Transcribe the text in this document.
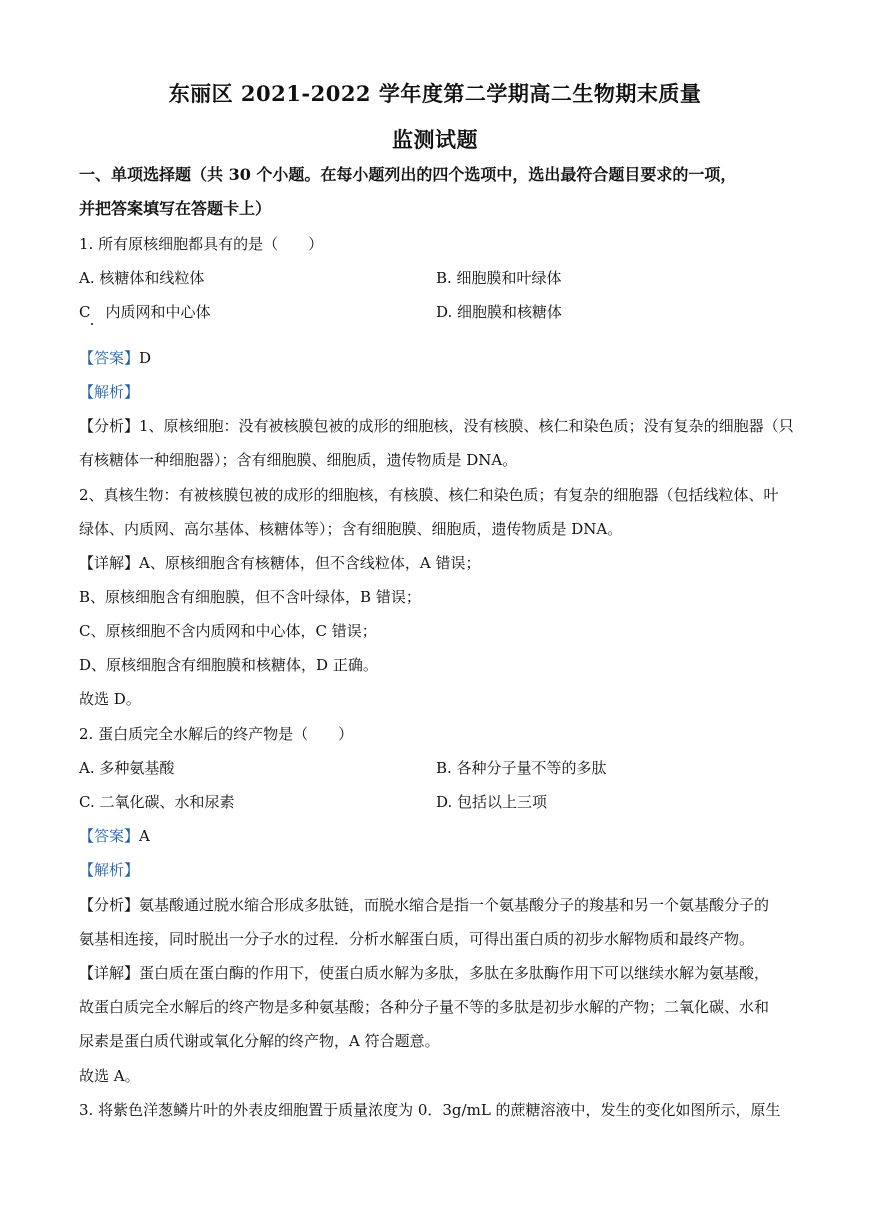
东丽区 2021-2022 学年度第二学期高二生物期末质量
监测试题
一、单项选择题（共 30 个小题。在每小题列出的四个选项中，选出最符合题目要求的一项，
并把答案填写在答题卡上）
1. 所有原核细胞都具有的是（　　）
A. 核糖体和线粒体	B. 细胞膜和叶绿体
C　内质网和中心体	D. 细胞膜和核糖体
【答案】D
【解析】
【分析】1、原核细胞：没有被核膜包被的成形的细胞核，没有核膜、核仁和染色质；没有复杂的细胞器（只
有核糖体一种细胞器）；含有细胞膜、细胞质，遗传物质是 DNA。
2、真核生物：有被核膜包被的成形的细胞核，有核膜、核仁和染色质；有复杂的细胞器（包括线粒体、叶
绿体、内质网、高尔基体、核糖体等）；含有细胞膜、细胞质，遗传物质是 DNA。
【详解】A、原核细胞含有核糖体，但不含线粒体，A 错误；
B、原核细胞含有细胞膜，但不含叶绿体，B 错误；
C、原核细胞不含内质网和中心体，C 错误；
D、原核细胞含有细胞膜和核糖体，D 正确。
故选 D。
2. 蛋白质完全水解后的终产物是（　　）
A. 多种氨基酸	B. 各种分子量不等的多肽
C. 二氧化碳、水和尿素	D. 包括以上三项
【答案】A
【解析】
【分析】氨基酸通过脱水缩合形成多肽链，而脱水缩合是指一个氨基酸分子的羧基和另一个氨基酸分子的
氨基相连接，同时脱出一分子水的过程．分析水解蛋白质，可得出蛋白质的初步水解物质和最终产物。
【详解】蛋白质在蛋白酶的作用下，使蛋白质水解为多肽，多肽在多肽酶作用下可以继续水解为氨基酸，
故蛋白质完全水解后的终产物是多种氨基酸；各种分子量不等的多肽是初步水解的产物；二氧化碳、水和
尿素是蛋白质代谢或氧化分解的终产物，A 符合题意。
故选 A。
3. 将紫色洋葱鳞片叶的外表皮细胞置于质量浓度为 0．3g/mL 的蔗糖溶液中，发生的变化如图所示，原生
